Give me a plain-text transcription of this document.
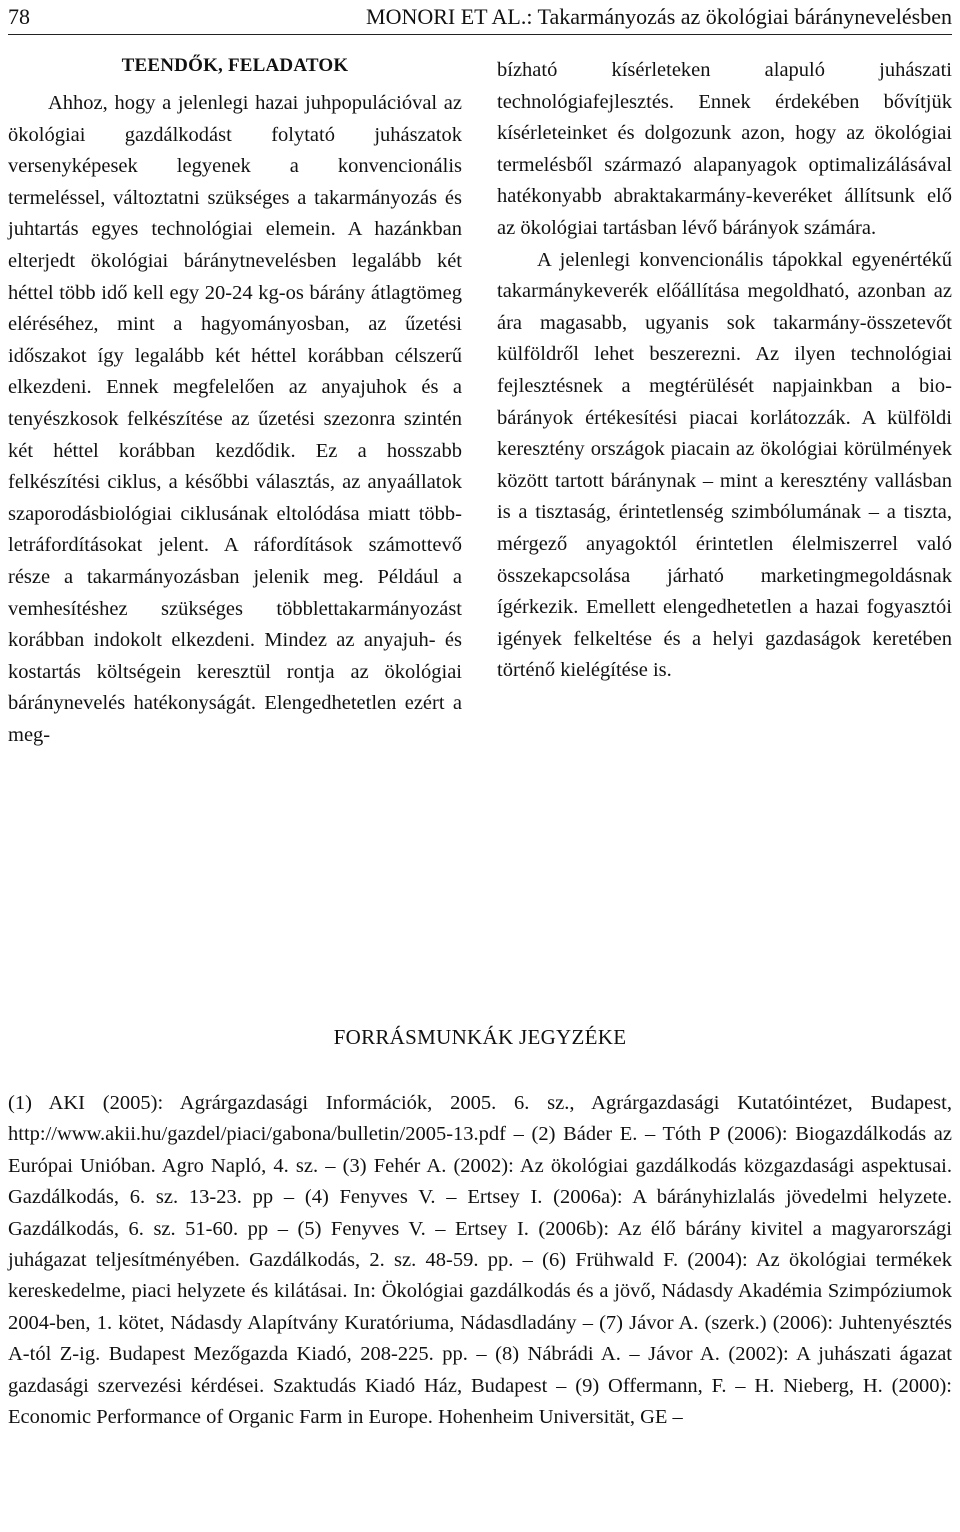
78	MONORI ET AL.: Takarmányozás az ökológiai báránynevelésben
TEENDŐK, FELADATOK

Ahhoz, hogy a jelenlegi hazai juhpopulációval az ökológiai gazdálkodást folytató juhászatok versenyképesek legyenek a konvencionális termeléssel, változtatni szükséges a takarmányozás és juhtartás egyes technológiai elemein. A hazánkban elterjedt ökológiai báránytnevelésben legalább két héttel több idő kell egy 20-24 kg-os bárány átlagtömeg eléréséhez, mint a hagyományosban, az űzetési időszakot így legalább két héttel korábban célszerű elkezdeni. Ennek megfelelően az anyajuhok és a tenyészkosok felkészítése az űzetési szezonra szintén két héttel korábban kezdődik. Ez a hosszabb felkészítési ciklus, a későbbi választás, az anyaállatok szaporodásbiológiai ciklusának eltolódása miatt többletráfordításokat jelent. A ráfordítások számottevő része a takarmányozásban jelenik meg. Például a vemhesítéshez szükséges többlettakarmányozást korábban indokolt elkezdeni. Mindez az anyajuh- és kostartás költségein keresztül rontja az ökológiai báránynevelés hatékonyságát. Elengedhetetlen ezért a meg-

bízható kísérleteken alapuló juhászati technológiafejlesztés. Ennek érdekében bővítjük kísérleteinket és dolgozunk azon, hogy az ökológiai termelésből származó alapanyagok optimalizálásával hatékonyabb abraktakarmány-keveréket állítsunk elő az ökológiai tartásban lévő bárányok számára.

A jelenlegi konvencionális tápokkal egyenértékű takarmánykeverék előállítása megoldható, azonban az ára magasabb, ugyanis sok takarmány-összetevőt külföldről lehet beszerezni. Az ilyen technológiai fejlesztésnek a megtérülését napjainkban a bio-bárányok értékesítési piacai korlátozzák. A külföldi keresztény országok piacain az ökológiai körülmények között tartott báránynak – mint a keresztény vallásban is a tisztaság, érintetlenség szimbólumának – a tiszta, mérgező anyagoktól érintetlen élelmiszerrel való összekapcsolása járható marketingmegoldásnak ígérkezik. Emellett elengedhetetlen a hazai fogyasztói igények felkeltése és a helyi gazdaságok keretében történő kielégítése is.

FORRÁSMUNKÁK JEGYZÉKE

(1) AKI (2005): Agrárgazdasági Információk, 2005. 6. sz., Agrárgazdasági Kutatóintézet, Budapest, http://www.akii.hu/gazdel/piaci/gabona/bulletin/2005-13.pdf – (2) Báder E. – Tóth P (2006): Biogazdálkodás az Európai Unióban. Agro Napló, 4. sz. – (3) Fehér A. (2002): Az ökológiai gazdálkodás közgazdasági aspektusai. Gazdálkodás, 6. sz. 13-23. pp – (4) Fenyves V. – Ertsey I. (2006a): A bárányhizlalás jövedelmi helyzete. Gazdálkodás, 6. sz. 51-60. pp – (5) Fenyves V. – Ertsey I. (2006b): Az élő bárány kivitel a magyarországi juhágazat teljesítményében. Gazdálkodás, 2. sz. 48-59. pp. – (6) Frühwald F. (2004): Az ökológiai termékek kereskedelme, piaci helyzete és kilátásai. In: Ökológiai gazdálkodás és a jövő, Nádasdy Akadémia Szimpóziumok 2004-ben, 1. kötet, Nádasdy Alapítvány Kuratóriuma, Nádasdladány – (7) Jávor A. (szerk.) (2006): Juhtenyésztés A-tól Z-ig. Budapest Mezőgazda Kiadó, 208-225. pp. – (8) Nábrádi A. – Jávor A. (2002): A juhászati ágazat gazdasági szervezési kérdései. Szaktudás Kiadó Ház, Budapest – (9) Offermann, F. – H. Nieberg, H. (2000): Economic Performance of Organic Farm in Europe. Hohenheim Universität, GE –
